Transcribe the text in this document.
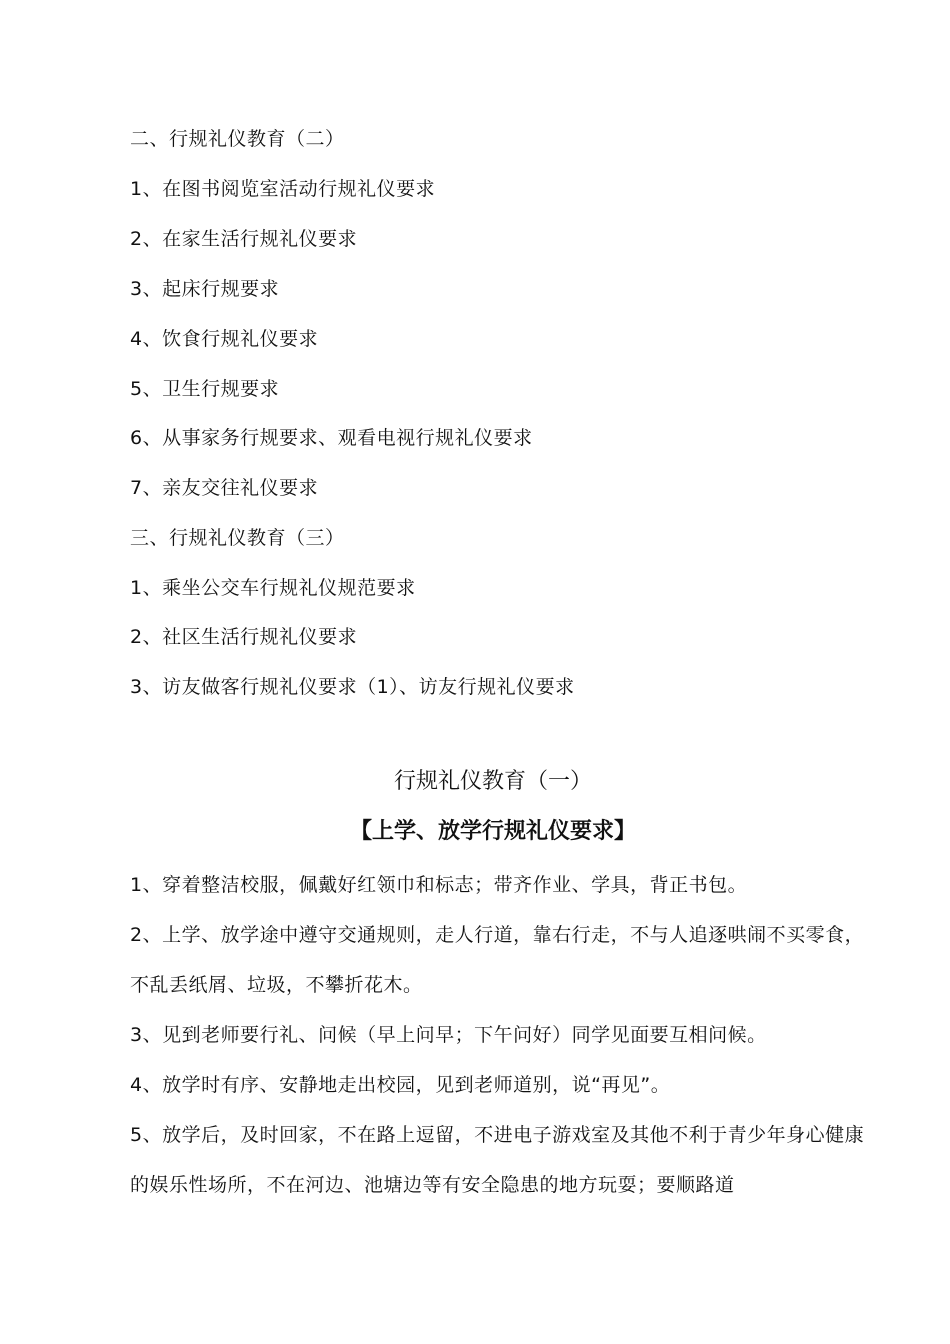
二、行规礼仪教育（二）
1、在图书阅览室活动行规礼仪要求
2、在家生活行规礼仪要求
3、起床行规要求
4、饮食行规礼仪要求
5、卫生行规要求
6、从事家务行规要求、观看电视行规礼仪要求
7、亲友交往礼仪要求
三、行规礼仪教育（三）
1、乘坐公交车行规礼仪规范要求
2、社区生活行规礼仪要求
3、访友做客行规礼仪要求（1）、访友行规礼仪要求
行规礼仪教育（一）
【上学、放学行规礼仪要求】
1、穿着整洁校服，佩戴好红领巾和标志；带齐作业、学具，背正书包。
2、上学、放学途中遵守交通规则，走人行道，靠右行走，不与人追逐哄闹不买零食，不乱丢纸屑、垃圾，不攀折花木。
3、见到老师要行礼、问候（早上问早；下午问好）同学见面要互相问候。
4、放学时有序、安静地走出校园，见到老师道别，说“再见”。
5、放学后，及时回家，不在路上逗留，不进电子游戏室及其他不利于青少年身心健康的娱乐性场所，不在河边、池塘边等有安全隐患的地方玩耍；要顺路道
